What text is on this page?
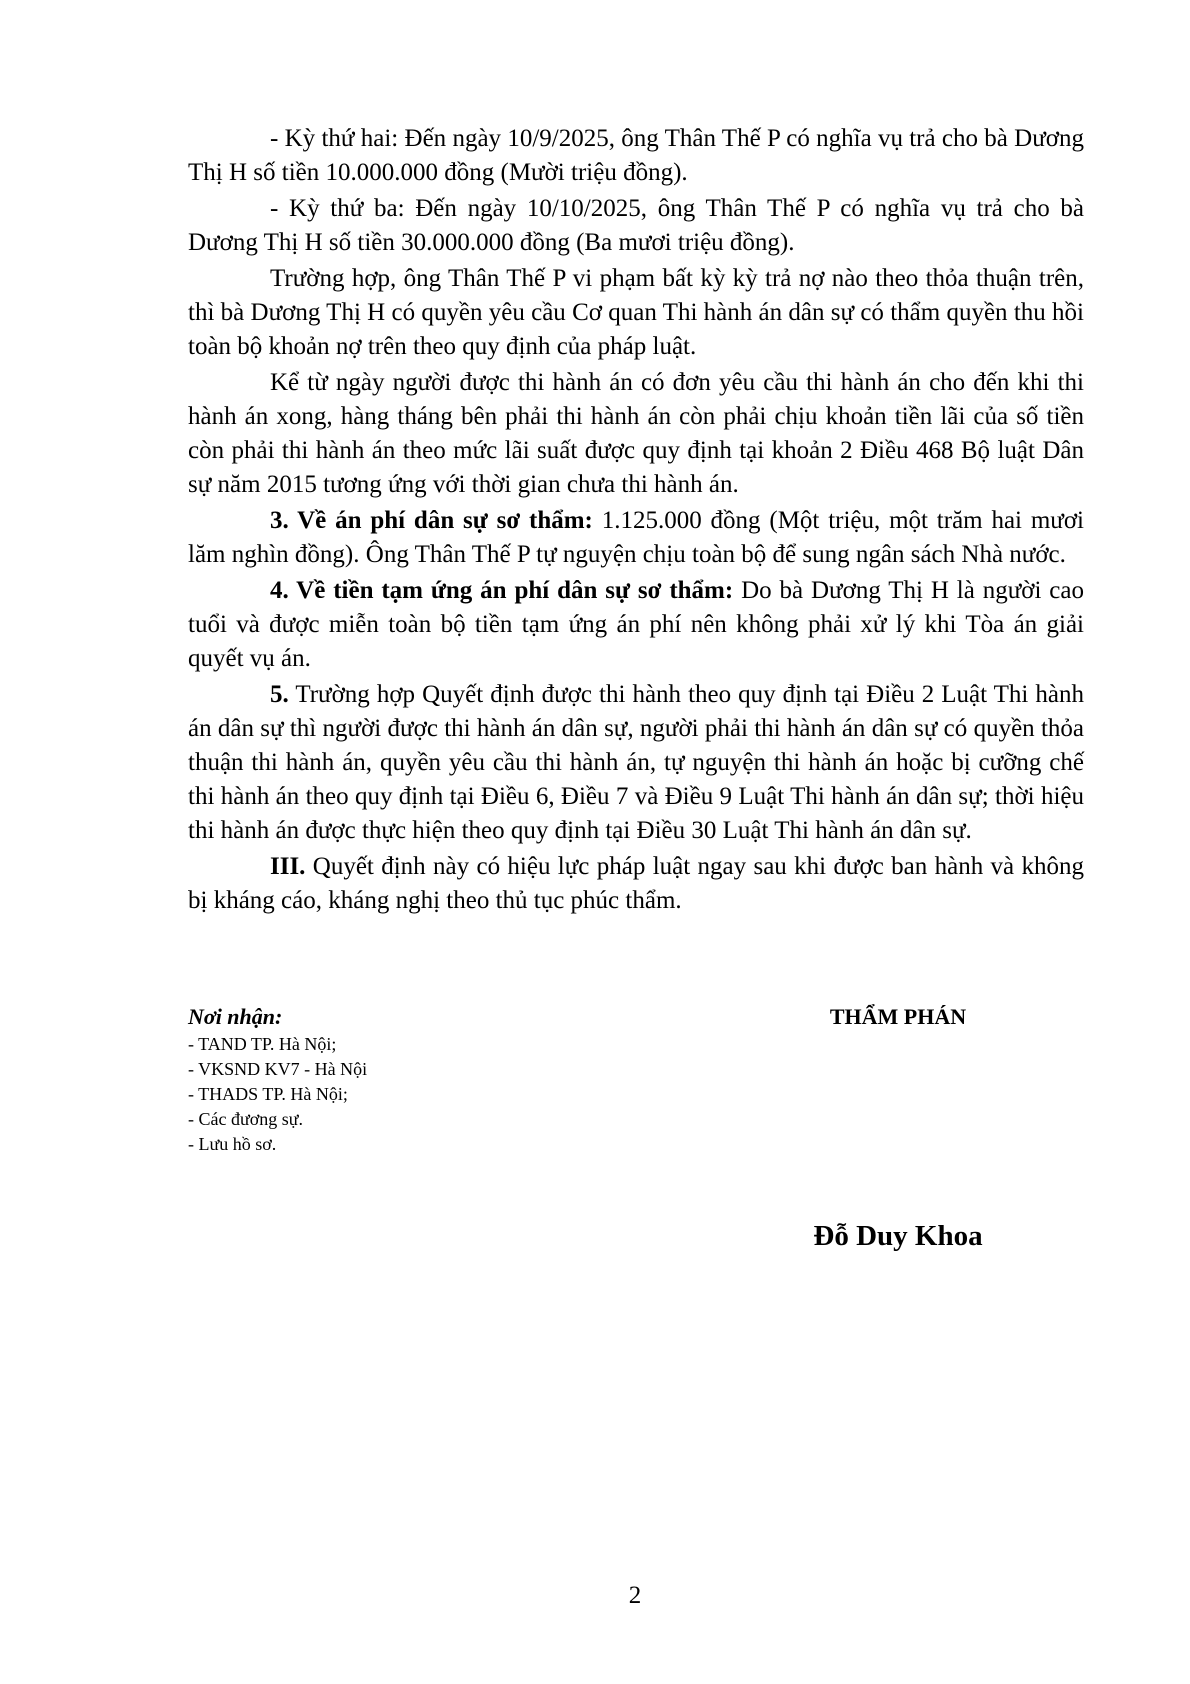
- Kỳ thứ hai: Đến ngày 10/9/2025, ông Thân Thế P có nghĩa vụ trả cho bà Dương Thị H số tiền 10.000.000 đồng (Mười triệu đồng).

- Kỳ thứ ba: Đến ngày 10/10/2025, ông Thân Thế P có nghĩa vụ trả cho bà Dương Thị H số tiền 30.000.000 đồng (Ba mươi triệu đồng).

Trường hợp, ông Thân Thế P vi phạm bất kỳ kỳ trả nợ nào theo thỏa thuận trên, thì bà Dương Thị H có quyền yêu cầu Cơ quan Thi hành án dân sự có thẩm quyền thu hồi toàn bộ khoản nợ trên theo quy định của pháp luật.

Kể từ ngày người được thi hành án có đơn yêu cầu thi hành án cho đến khi thi hành án xong, hàng tháng bên phải thi hành án còn phải chịu khoản tiền lãi của số tiền còn phải thi hành án theo mức lãi suất được quy định tại khoản 2 Điều 468 Bộ luật Dân sự năm 2015 tương ứng với thời gian chưa thi hành án.

3. Về án phí dân sự sơ thẩm: 1.125.000 đồng (Một triệu, một trăm hai mươi lăm nghìn đồng). Ông Thân Thế P tự nguyện chịu toàn bộ để sung ngân sách Nhà nước.

4. Về tiền tạm ứng án phí dân sự sơ thẩm: Do bà Dương Thị H là người cao tuổi và được miễn toàn bộ tiền tạm ứng án phí nên không phải xử lý khi Tòa án giải quyết vụ án.

5. Trường hợp Quyết định được thi hành theo quy định tại Điều 2 Luật Thi hành án dân sự thì người được thi hành án dân sự, người phải thi hành án dân sự có quyền thỏa thuận thi hành án, quyền yêu cầu thi hành án, tự nguyện thi hành án hoặc bị cưỡng chế thi hành án theo quy định tại Điều 6, Điều 7 và Điều 9 Luật Thi hành án dân sự; thời hiệu thi hành án được thực hiện theo quy định tại Điều 30 Luật Thi hành án dân sự.

III. Quyết định này có hiệu lực pháp luật ngay sau khi được ban hành và không bị kháng cáo, kháng nghị theo thủ tục phúc thẩm.

Nơi nhận:

- TAND TP. Hà Nội;

- VKSND KV7 - Hà Nội

- THADS TP. Hà Nội;

- Các đương sự.

- Lưu hồ sơ.

THẨM PHÁN
Đỗ Duy Khoa
2
